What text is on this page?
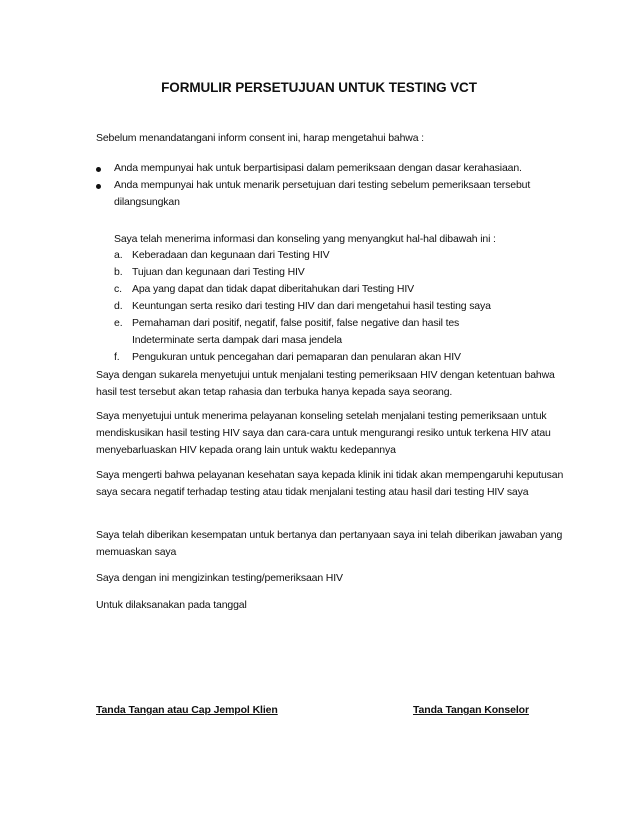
FORMULIR PERSETUJUAN UNTUK TESTING VCT
Sebelum menandatangani inform consent ini, harap mengetahui bahwa :
Anda mempunyai hak untuk berpartisipasi dalam pemeriksaan dengan dasar kerahasiaan.
Anda mempunyai hak untuk menarik persetujuan dari testing sebelum pemeriksaan tersebut dilangsungkan
Saya telah menerima informasi dan konseling yang menyangkut hal-hal dibawah ini :
a. Keberadaan dan kegunaan dari Testing HIV
b. Tujuan dan kegunaan dari Testing HIV
c. Apa yang dapat dan tidak dapat diberitahukan dari Testing HIV
d. Keuntungan serta resiko dari testing HIV dan dari mengetahui hasil testing saya
e. Pemahaman dari positif, negatif, false positif, false negative dan hasil tes Indeterminate serta dampak dari masa jendela
f. Pengukuran untuk pencegahan dari pemaparan dan penularan akan HIV
Saya dengan sukarela menyetujui untuk menjalani testing pemeriksaan HIV dengan ketentuan bahwa hasil test tersebut akan tetap rahasia dan terbuka hanya kepada saya seorang.
Saya menyetujui untuk menerima pelayanan konseling setelah menjalani testing pemeriksaan untuk mendiskusikan hasil testing HIV saya dan cara-cara untuk mengurangi resiko untuk terkena HIV atau menyebarluaskan HIV kepada orang lain untuk waktu kedepannya
Saya mengerti bahwa pelayanan kesehatan saya kepada klinik ini tidak akan mempengaruhi keputusan saya secara negatif terhadap testing atau tidak menjalani testing atau hasil dari testing HIV saya
Saya telah diberikan kesempatan untuk bertanya dan pertanyaan saya ini telah diberikan jawaban yang memuaskan saya
Saya dengan ini mengizinkan testing/pemeriksaan HIV
Untuk dilaksanakan pada tanggal
Tanda Tangan atau Cap Jempol Klien	Tanda Tangan Konselor
